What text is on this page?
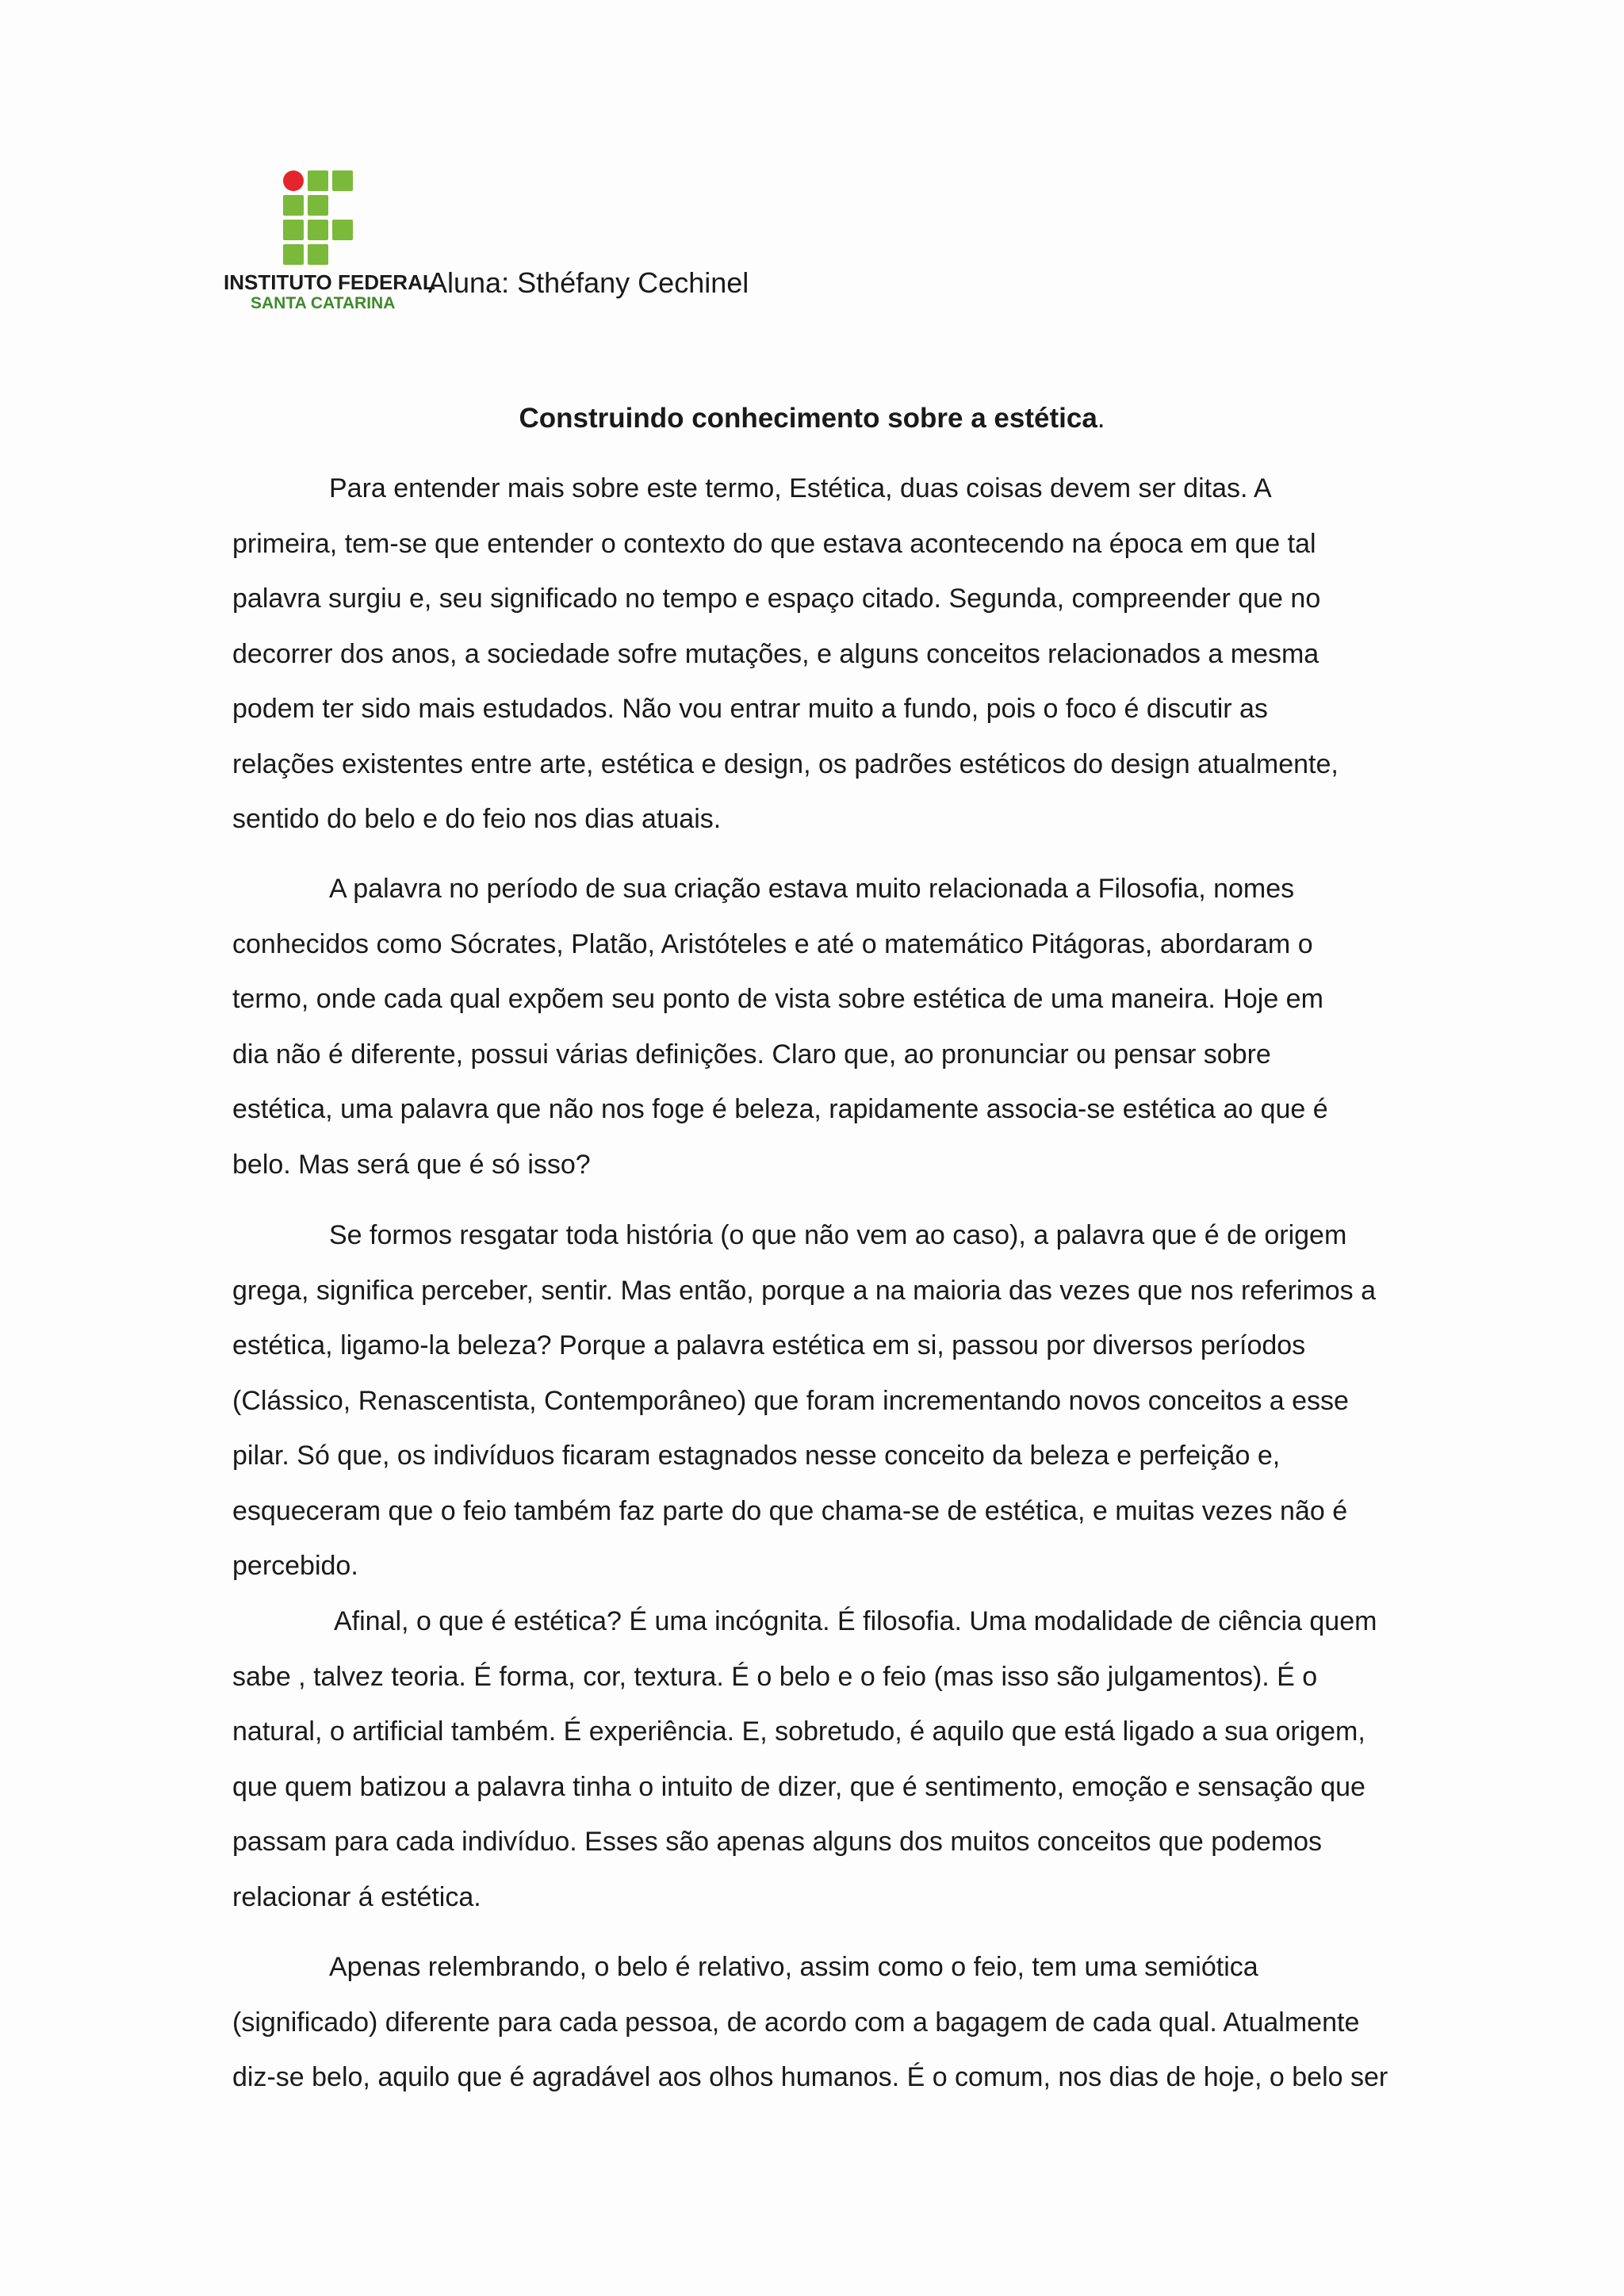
INSTITUTO FEDERAL
SANTA CATARINA
Aluna: Sthéfany Cechinel
Construindo conhecimento sobre a estética.
Para entender mais sobre este termo, Estética, duas coisas devem ser ditas. A
primeira, tem-se que entender o contexto do que estava acontecendo na época em que tal
palavra surgiu e, seu significado no tempo e espaço citado. Segunda, compreender que no
decorrer dos anos, a sociedade sofre mutações, e alguns conceitos relacionados a mesma
podem ter sido mais estudados. Não vou entrar muito a fundo, pois o foco é discutir as
relações existentes entre arte, estética e design, os padrões estéticos do design atualmente,
sentido do belo e do feio nos dias atuais.
A palavra no período de sua criação estava muito relacionada a Filosofia, nomes
conhecidos como Sócrates, Platão, Aristóteles e até o matemático Pitágoras, abordaram o
termo, onde cada qual expõem seu ponto de vista sobre estética de uma maneira. Hoje em
dia não é diferente, possui várias definições. Claro que, ao pronunciar ou pensar sobre
estética, uma palavra que não nos foge é beleza, rapidamente associa-se estética ao que é
belo. Mas será que é só isso?
Se formos resgatar toda história (o que não vem ao caso), a palavra que é de origem
grega, significa perceber, sentir. Mas então, porque a na maioria das vezes que nos referimos a
estética, ligamo-la beleza? Porque a palavra estética em si, passou por diversos períodos
(Clássico, Renascentista, Contemporâneo) que foram incrementando novos conceitos a esse
pilar. Só que, os indivíduos ficaram estagnados nesse conceito da beleza e perfeição e,
esqueceram que o feio também faz parte do que chama-se de estética, e muitas vezes não é
percebido.
Afinal, o que é estética? É uma incógnita. É filosofia. Uma modalidade de ciência quem
sabe , talvez teoria. É forma, cor, textura. É o belo e o feio (mas isso são julgamentos). É o
natural, o artificial também. É experiência. E, sobretudo, é aquilo que está ligado a sua origem,
que quem batizou a palavra tinha o intuito de dizer, que é sentimento, emoção e sensação que
passam para cada indivíduo. Esses são apenas alguns dos muitos conceitos que podemos
relacionar á estética.
Apenas relembrando, o belo é relativo, assim como o feio, tem uma semiótica
(significado) diferente para cada pessoa, de acordo com a bagagem de cada qual. Atualmente
diz-se belo, aquilo que é agradável aos olhos humanos. É o comum, nos dias de hoje, o belo ser
